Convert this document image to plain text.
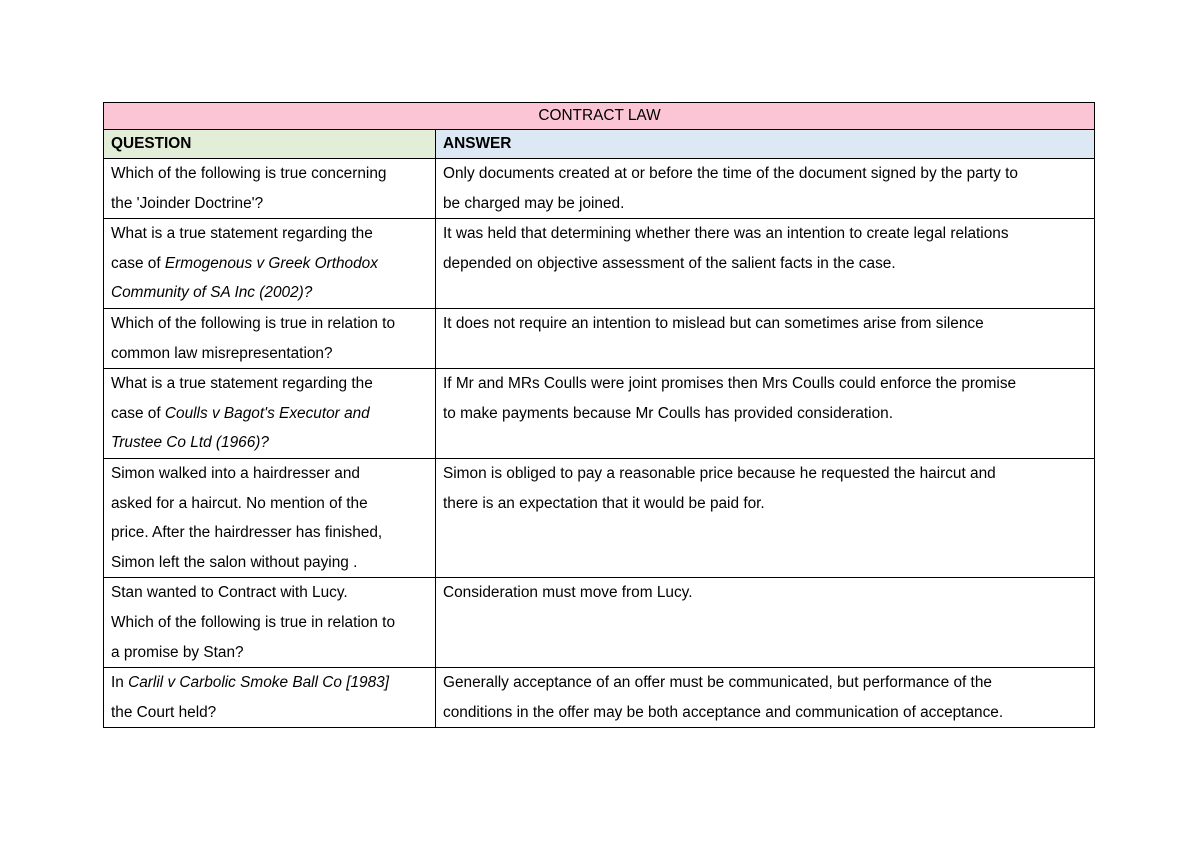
CONTRACT LAW	
QUESTION	ANSWER

Which of the following is true concerning
the 'Joinder Doctrine'?	Only documents created at or before the time of the document signed by the party to
be charged may be joined.

What is a true statement regarding the
case of Ermogenous v Greek Orthodox
Community of SA Inc (2002)?	It was held that determining whether there was an intention to create legal relations
depended on objective assessment of the salient facts in the case.

Which of the following is true in relation to
common law misrepresentation?	It does not require an intention to mislead but can sometimes arise from silence

What is a true statement regarding the
case of Coulls v Bagot's Executor and
Trustee Co Ltd (1966)?	If Mr and MRs Coulls were joint promises then Mrs Coulls could enforce the promise
to make payments because Mr Coulls has provided consideration.

Simon walked into a hairdresser and
asked for a haircut. No mention of the
price. After the hairdresser has finished,
Simon left the salon without paying .	Simon is obliged to pay a reasonable price because he requested the haircut and
there is an expectation that it would be paid for.

Stan wanted to Contract with Lucy.
Which of the following is true in relation to
a promise by Stan?	Consideration must move from Lucy.

In Carlil v Carbolic Smoke Ball Co [1983]
the Court held?	Generally acceptance of an offer must be communicated, but performance of the
conditions in the offer may be both acceptance and communication of acceptance.
